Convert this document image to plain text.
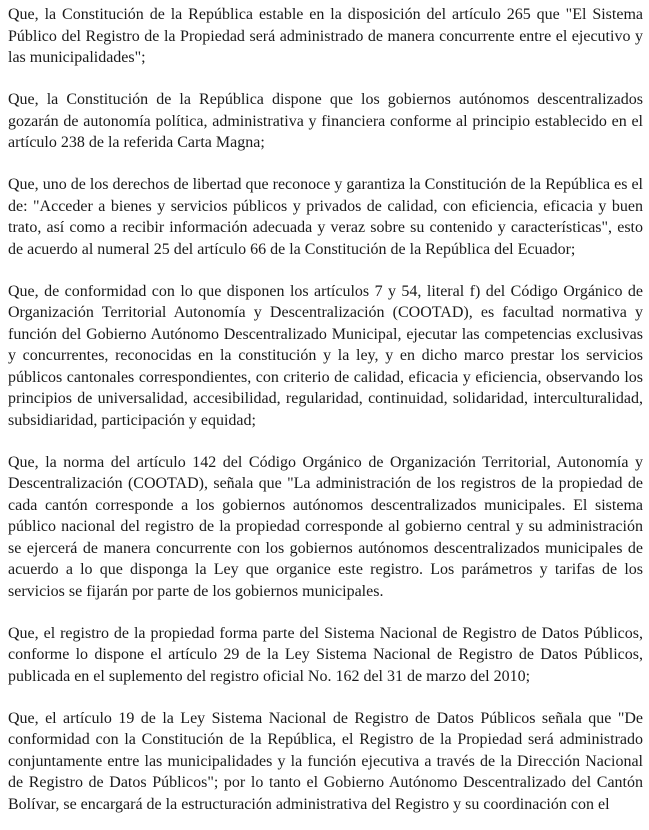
Que, la Constitución de la República estable en la disposición del artículo 265 que "El Sistema Público del Registro de la Propiedad será administrado de manera concurrente entre el ejecutivo y las municipalidades";

Que, la Constitución de la República dispone que los gobiernos autónomos descentralizados gozarán de autonomía política, administrativa y financiera conforme al principio establecido en el artículo 238 de la referida Carta Magna;

Que, uno de los derechos de libertad que reconoce y garantiza la Constitución de la República es el de: "Acceder a bienes y servicios públicos y privados de calidad, con eficiencia, eficacia y buen trato, así como a recibir información adecuada y veraz sobre su contenido y características", esto de acuerdo al numeral 25 del artículo 66 de la Constitución de la República del Ecuador;

Que, de conformidad con lo que disponen los artículos 7 y 54, literal f) del Código Orgánico de Organización Territorial Autonomía y Descentralización (COOTAD), es facultad normativa y función del Gobierno Autónomo Descentralizado Municipal, ejecutar las competencias exclusivas y concurrentes, reconocidas en la constitución y la ley, y en dicho marco prestar los servicios públicos cantonales correspondientes, con criterio de calidad, eficacia y eficiencia, observando los principios de universalidad, accesibilidad, regularidad, continuidad, solidaridad, interculturalidad, subsidiaridad, participación y equidad;

Que, la norma del artículo 142 del Código Orgánico de Organización Territorial, Autonomía y Descentralización (COOTAD), señala que "La administración de los registros de la propiedad de cada cantón corresponde a los gobiernos autónomos descentralizados municipales. El sistema público nacional del registro de la propiedad corresponde al gobierno central y su administración se ejercerá de manera concurrente con los gobiernos autónomos descentralizados municipales de acuerdo a lo que disponga la Ley que organice este registro. Los parámetros y tarifas de los servicios se fijarán por parte de los gobiernos municipales.

Que, el registro de la propiedad forma parte del Sistema Nacional de Registro de Datos Públicos, conforme lo dispone el artículo 29 de la Ley Sistema Nacional de Registro de Datos Públicos, publicada en el suplemento del registro oficial No. 162 del 31 de marzo del 2010;

Que, el artículo 19 de la Ley Sistema Nacional de Registro de Datos Públicos señala que "De conformidad con la Constitución de la República, el Registro de la Propiedad será administrado conjuntamente entre las municipalidades y la función ejecutiva a través de la Dirección Nacional de Registro de Datos Públicos"; por lo tanto el Gobierno Autónomo Descentralizado del Cantón Bolívar, se encargará de la estructuración administrativa del Registro y su coordinación con el
